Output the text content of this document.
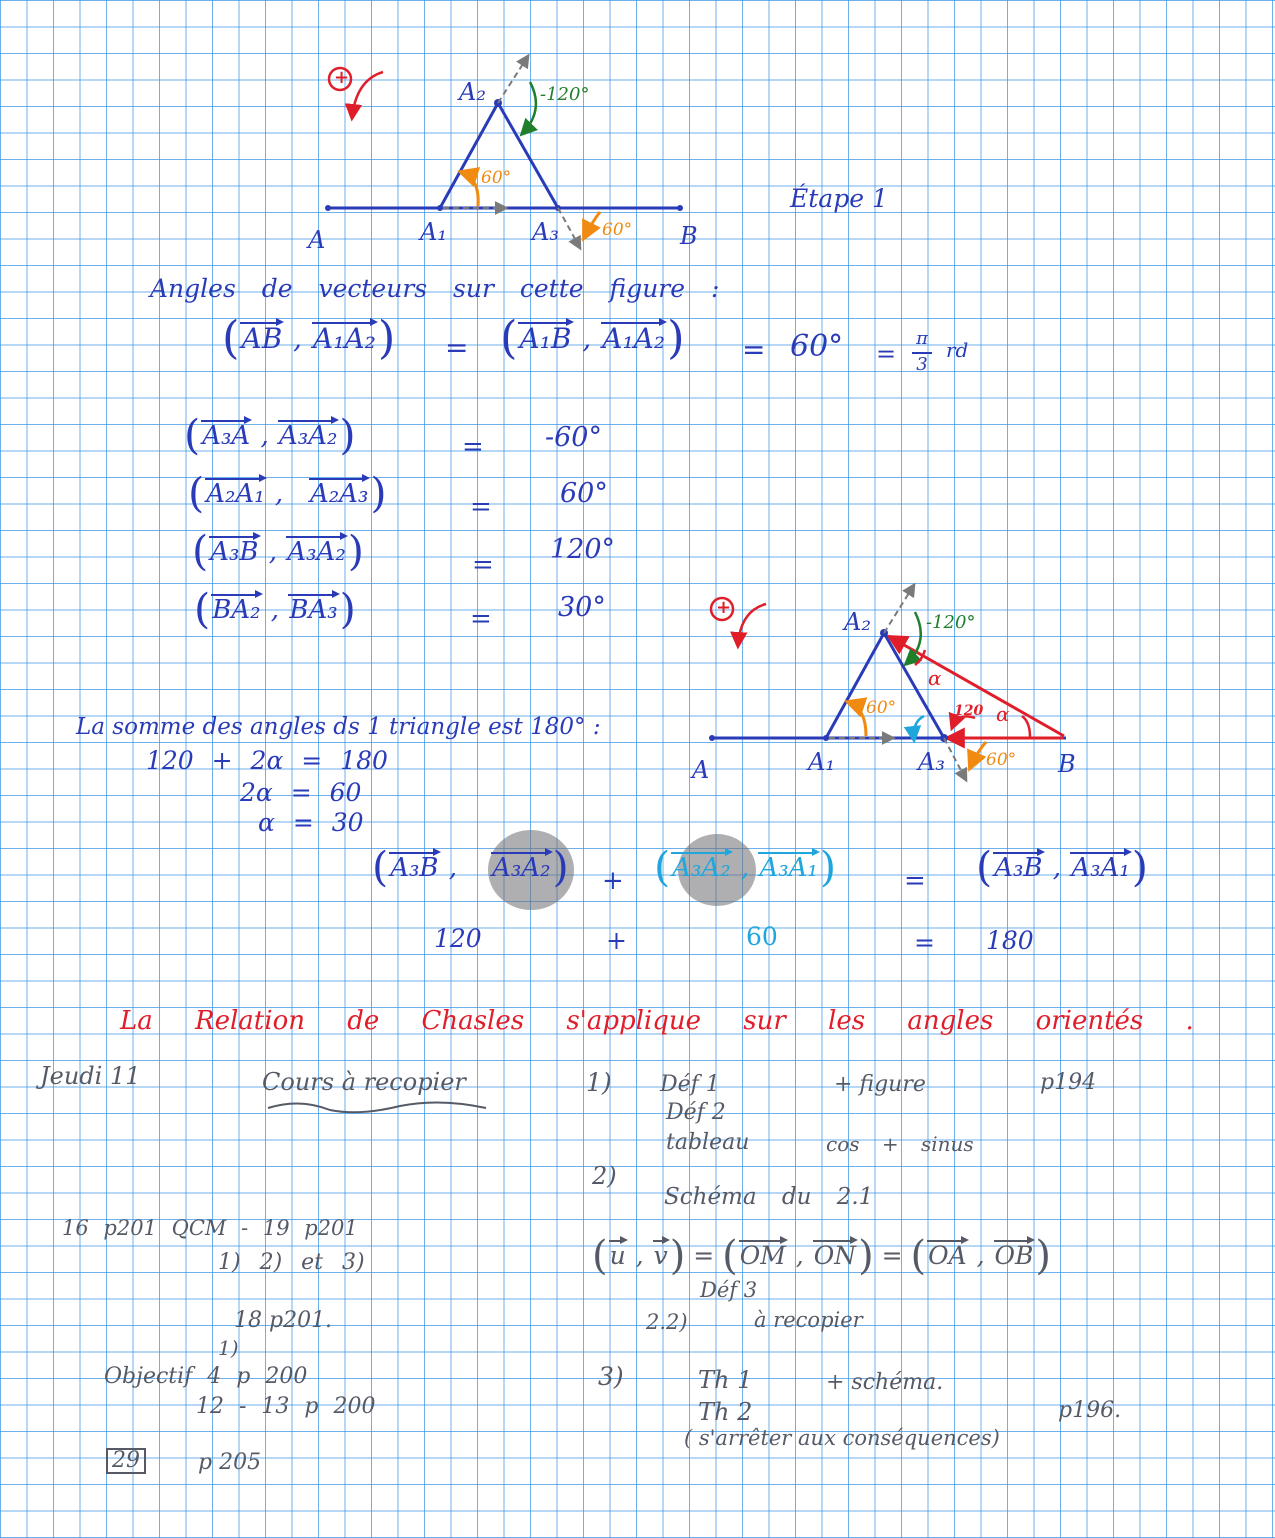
+
A	A₁
A₂
A₃	B
60°
60°
-120°
Étape 1
Angles de vecteurs sur cette figure :
(AB , A₁A₂) = (A₁B , A₁A₂) = 60° =
π
3
rd
(A₃A , A₃A₂)	= -60°
(A₂A₁ ,   A₂A₃)	=	60°
(A₃B , A₃A₂)	= 120°
(BA₂ , BA₃)	= 30°	+
A	A₁
A₂
A₃	B
60°
60°
-120°
120
α
α
La somme des angles ds 1 triangle est 180° :
120 + 2α = 180
2α = 60
α = 30
(A₃B ,    A₃A₂) + (A₃A₂ , A₃A₁)	= (A₃B , A₃A₁)
120	+	60	= 180
La Relation de Chasles s'applique sur les angles orientés .
Jeudi 11	Cours à recopier	1) Déf 1	+ figure	p194
Déf 2
tableau	cos + sinus
2)
Schéma du 2.1
(u , v) = (OM , ON) = (OA , OB)
Déf 3
2.2)	à recopier
3)	Th 1	+ schéma.
Th 2	p196.
( s'arrêter aux conséquences)
16 p201 QCM - 19 p201
1) 2) et 3)
18 p201.
1)
Objectif 4 p 200
12 - 13 p 200
29	p 205
